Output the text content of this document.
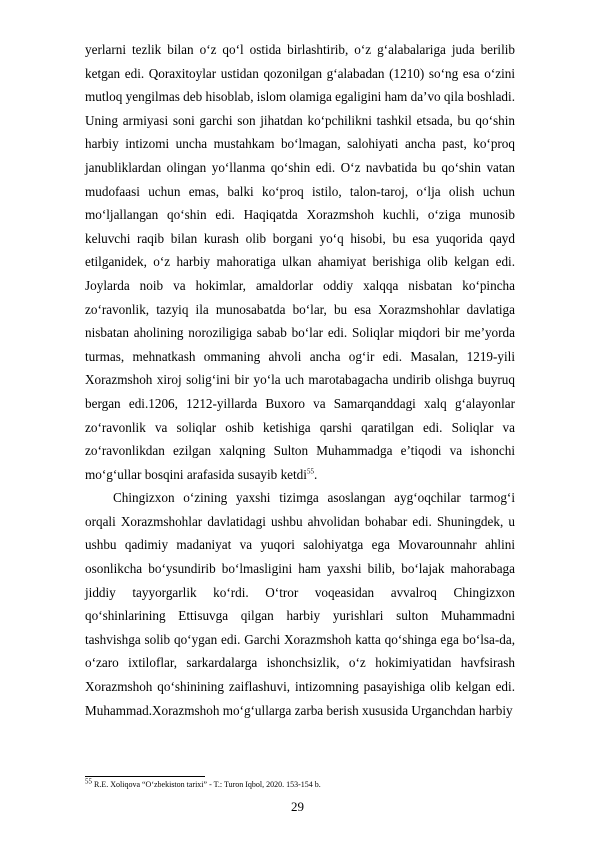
yerlarni tezlik bilan o‘z qo‘l ostida birlashtirib, o‘z g‘alabalariga juda berilib ketgan edi. Qoraxitoylar ustidan qozonilgan g‘alabadan (1210) so‘ng esa o‘zini mutloq yengilmas deb hisoblab, islom olamiga egaligini ham da’vo qila boshladi. Uning armiyasi soni garchi son jihatdan ko‘pchilikni tashkil etsada, bu qo‘shin harbiy intizomi uncha mustahkam bo‘lmagan, salohiyati ancha past, ko‘proq janubliklardan olingan yo‘llanma qo‘shin edi. O‘z navbatida bu qo‘shin vatan mudofaasi uchun emas, balki ko‘proq istilo, talon-taroj, o‘lja olish uchun mo‘ljallangan qo‘shin edi. Haqiqatda Xorazmshoh kuchli, o‘ziga munosib keluvchi raqib bilan kurash olib borgani yo‘q hisobi, bu esa yuqorida qayd etilganidek, o‘z harbiy mahoratiga ulkan ahamiyat berishiga olib kelgan edi. Joylarda noib va hokimlar, amaldorlar oddiy xalqqa nisbatan ko‘pincha zo‘ravonlik, tazyiq ila munosabatda bo‘lar, bu esa Xorazmshohlar davlatiga nisbatan aholining noroziligiga sabab bo‘lar edi. Soliqlar miqdori bir me’yorda turmas, mehnatkash ommaning ahvoli ancha og‘ir edi. Masalan, 1219-yili Xorazmshoh xiroj solig‘ini bir yo‘la uch marotabagacha undirib olishga buyruq bergan edi.1206, 1212-yillarda Buxoro va Samarqanddagi xalq g‘alayonlar zo‘ravonlik va soliqlar oshib ketishiga qarshi qaratilgan edi. Soliqlar va zo‘ravonlikdan ezilgan xalqning Sulton Muhammadga e’tiqodi va ishonchi mo‘g‘ullar bosqini arafasida susayib ketdi$^{55}$.

Chingizxon o‘zining yaxshi tizimga asoslangan ayg‘oqchilar tarmog‘i orqali Xorazmshohlar davlatidagi ushbu ahvolidan bohabar edi. Shuningdek, u ushbu qadimiy madaniyat va yuqori salohiyatga ega Movarounnahr ahlini osonlikcha bo‘ysundirib bo‘lmasligini ham yaxshi bilib, bo‘lajak mahorabaga jiddiy tayyorgarlik ko‘rdi. O‘tror voqeasidan avvalroq Chingizxon qo‘shinlarining Ettisuvga qilgan harbiy yurishlari sulton Muhammadni tashvishga solib qo‘ygan edi. Garchi Xorazmshoh katta qo‘shinga ega bo‘lsa-da, o‘zaro ixtiloflar, sarkardalarga ishonchsizlik, o‘z hokimiyatidan havfsirash Xorazmshoh qo‘shinining zaiflashuvi, intizomning pasayishiga olib kelgan edi. Muhammad.Xorazmshoh mo‘g‘ullarga zarba berish xususida Urganchdan harbiy

$^{55}$ R.E. Xoliqova “O‘zbekiston tarixi” - T.: Turon Iqbol, 2020. 153-154 b.
29
